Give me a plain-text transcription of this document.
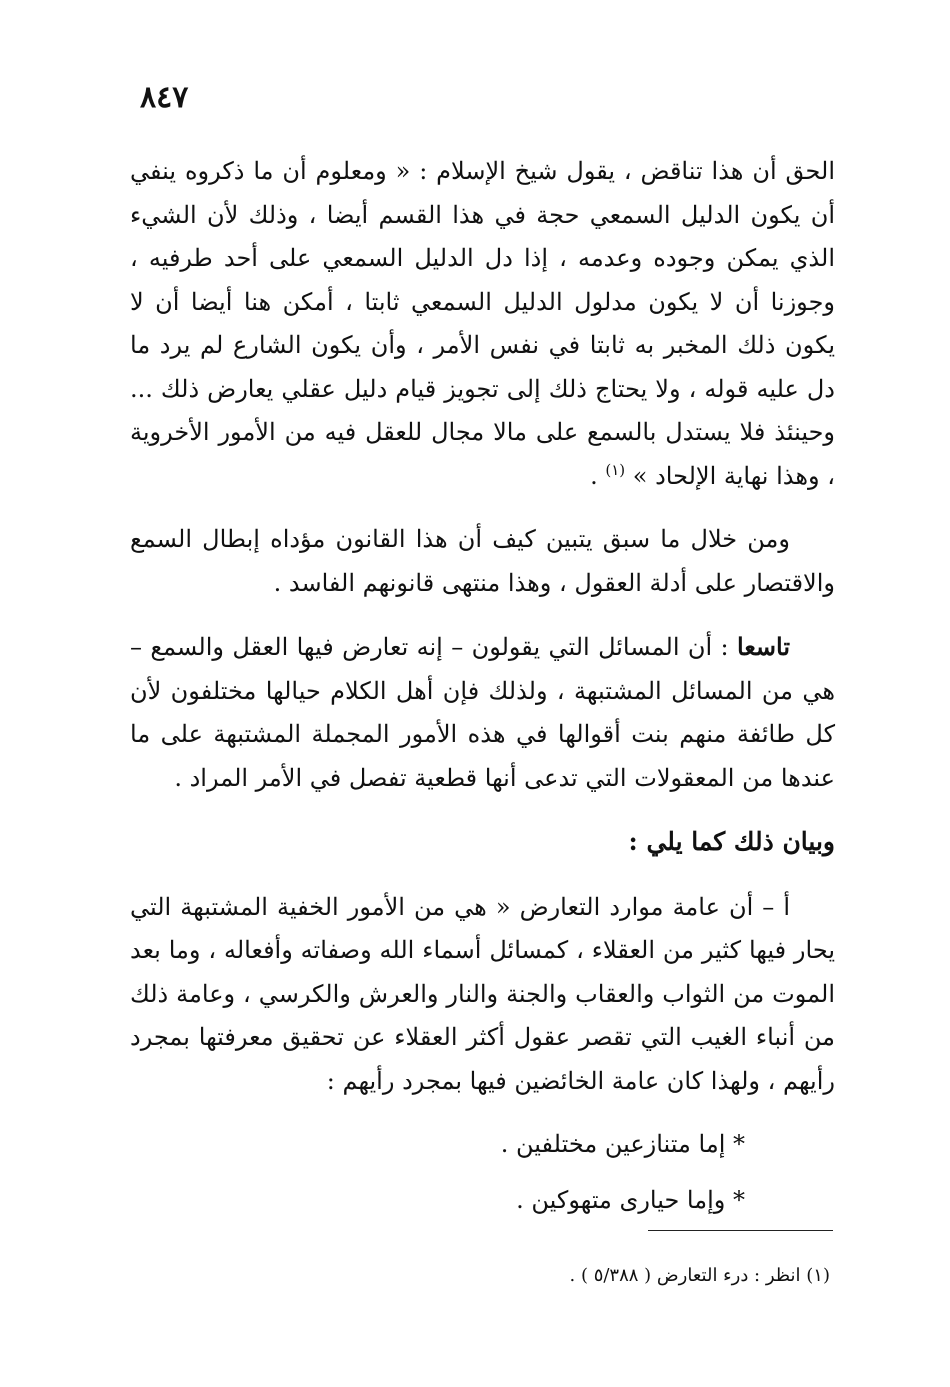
٨٤٧

الحق أن هذا تناقض ، يقول شيخ الإسلام : « ومعلوم أن ما ذكروه ينفي أن يكون الدليل السمعي حجة في هذا القسم أيضا ، وذلك لأن الشيء الذي يمكن وجوده وعدمه ، إذا دل الدليل السمعي على أحد طرفيه ، وجوزنا أن لا يكون مدلول الدليل السمعي ثابتا ، أمكن هنا أيضا أن لا يكون ذلك المخبر به ثابتا في نفس الأمر ، وأن يكون الشارع لم يرد ما دل عليه قوله ، ولا يحتاج ذلك إلى تجويز قيام دليل عقلي يعارض ذلك ... وحينئذ فلا يستدل بالسمع على مالا مجال للعقل فيه من الأمور الأخروية ، وهذا نهاية الإلحاد » $^{(١)}$ .

ومن خلال ما سبق يتبين كيف أن هذا القانون مؤداه إبطال السمع والاقتصار على أدلة العقول ، وهذا منتهى قانونهم الفاسد .

تاسعا : أن المسائل التي يقولون – إنه تعارض فيها العقل والسمع – هي من المسائل المشتبهة ، ولذلك فإن أهل الكلام حيالها مختلفون لأن كل طائفة منهم بنت أقوالها في هذه الأمور المجملة المشتبهة على ما عندها من المعقولات التي تدعى أنها قطعية تفصل في الأمر المراد .

وبيان ذلك كما يلي :

أ – أن عامة موارد التعارض « هي من الأمور الخفية المشتبهة التي يحار فيها كثير من العقلاء ، كمسائل أسماء الله وصفاته وأفعاله ، وما بعد الموت من الثواب والعقاب والجنة والنار والعرش والكرسي ، وعامة ذلك من أنباء الغيب التي تقصر عقول أكثر العقلاء عن تحقيق معرفتها بمجرد رأيهم ، ولهذا كان عامة الخائضين فيها بمجرد رأيهم :

* إما متنازعين مختلفين .

* وإما حيارى متهوكين .

(١) انظر : درء التعارض ( ٥/٣٨٨ ) .
